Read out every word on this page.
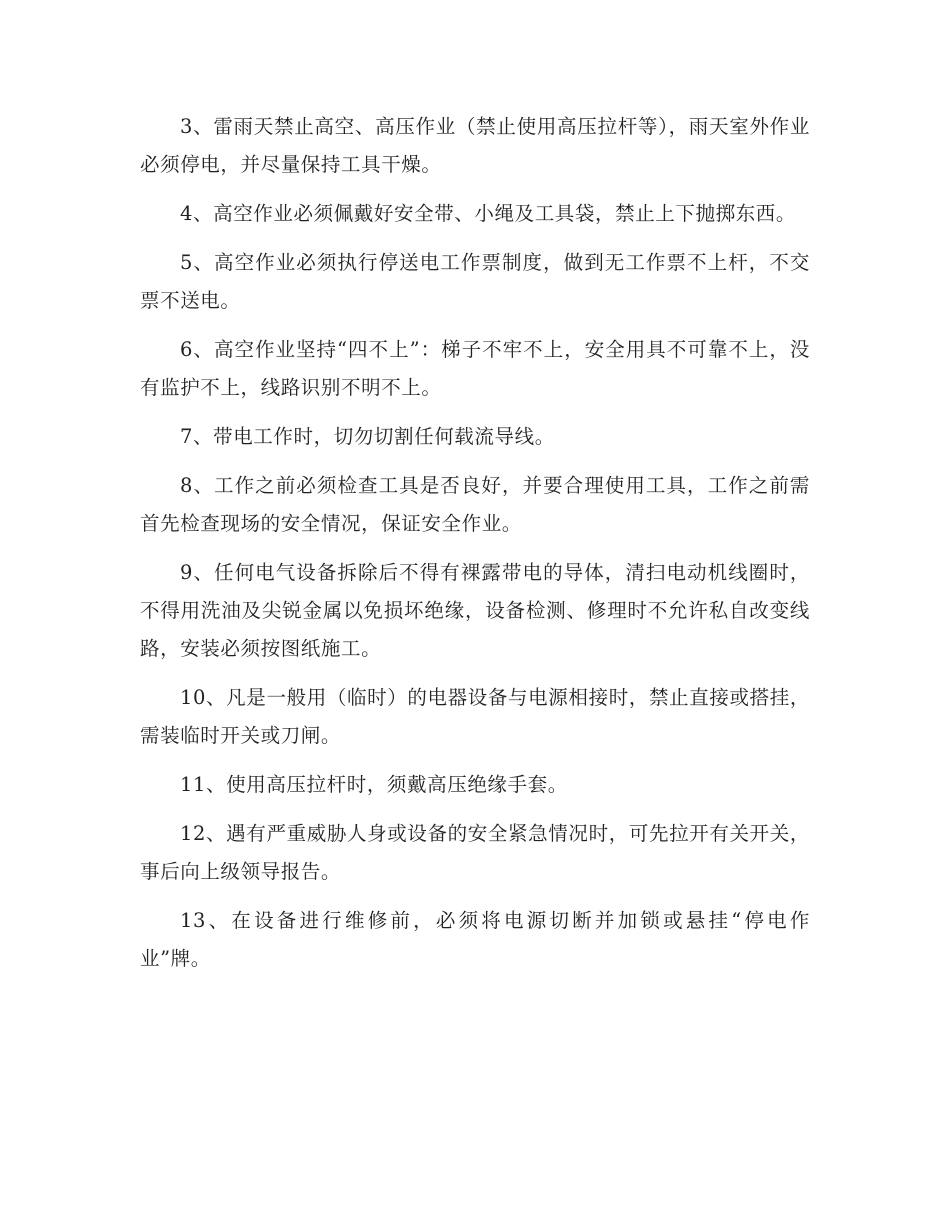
3、雷雨天禁止高空、高压作业（禁止使用高压拉杆等），雨天室外作业必须停电，并尽量保持工具干燥。

4、高空作业必须佩戴好安全带、小绳及工具袋，禁止上下抛掷东西。

5、高空作业必须执行停送电工作票制度，做到无工作票不上杆，不交票不送电。

6、高空作业坚持“四不上”：梯子不牢不上，安全用具不可靠不上，没有监护不上，线路识别不明不上。

7、带电工作时，切勿切割任何载流导线。

8、工作之前必须检查工具是否良好，并要合理使用工具，工作之前需首先检查现场的安全情况，保证安全作业。

9、任何电气设备拆除后不得有裸露带电的导体，清扫电动机线圈时，不得用洗油及尖锐金属以免损坏绝缘，设备检测、修理时不允许私自改变线路，安装必须按图纸施工。

10、凡是一般用（临时）的电器设备与电源相接时，禁止直接或搭挂，需装临时开关或刀闸。

11、使用高压拉杆时，须戴高压绝缘手套。

12、遇有严重威胁人身或设备的安全紧急情况时，可先拉开有关开关，事后向上级领导报告。

13、在设备进行维修前，必须将电源切断并加锁或悬挂“停电作业”牌。
